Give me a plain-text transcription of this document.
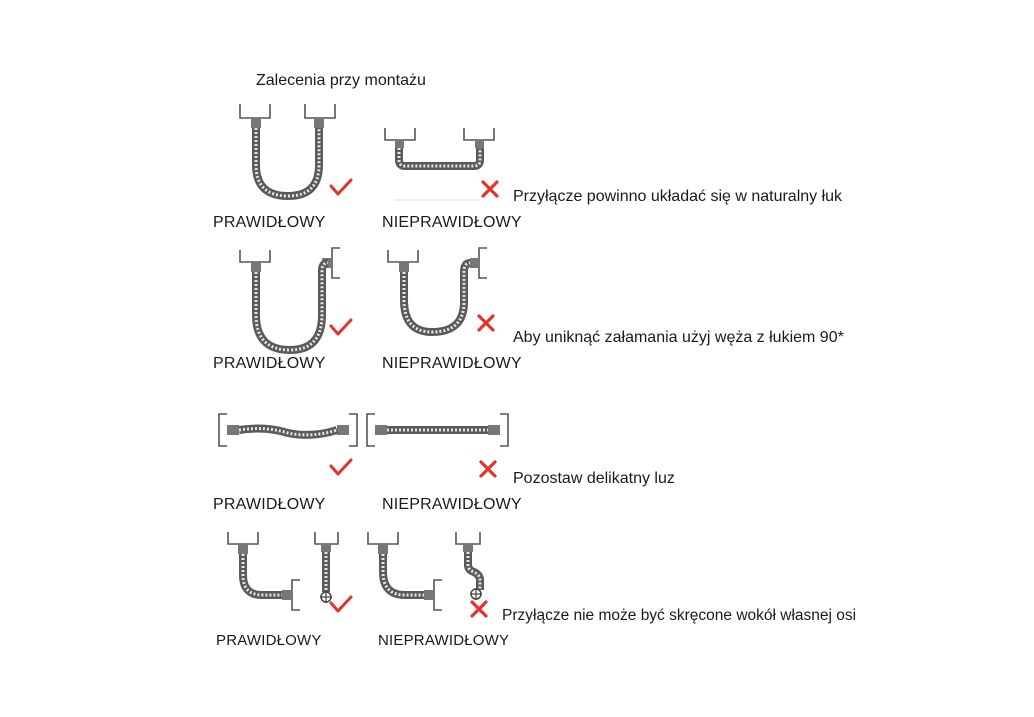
Zalecenia przy montażu
PRAWIDŁOWY	NIEPRAWIDŁOWY
Przyłącze powinno układać się w naturalny łuk
PRAWIDŁOWY	NIEPRAWIDŁOWY
Aby uniknąć załamania użyj węża z łukiem 90*
PRAWIDŁOWY	NIEPRAWIDŁOWY
Pozostaw delikatny luz
PRAWIDŁOWY	NIEPRAWIDŁOWY
Przyłącze nie może być skręcone wokół własnej osi
